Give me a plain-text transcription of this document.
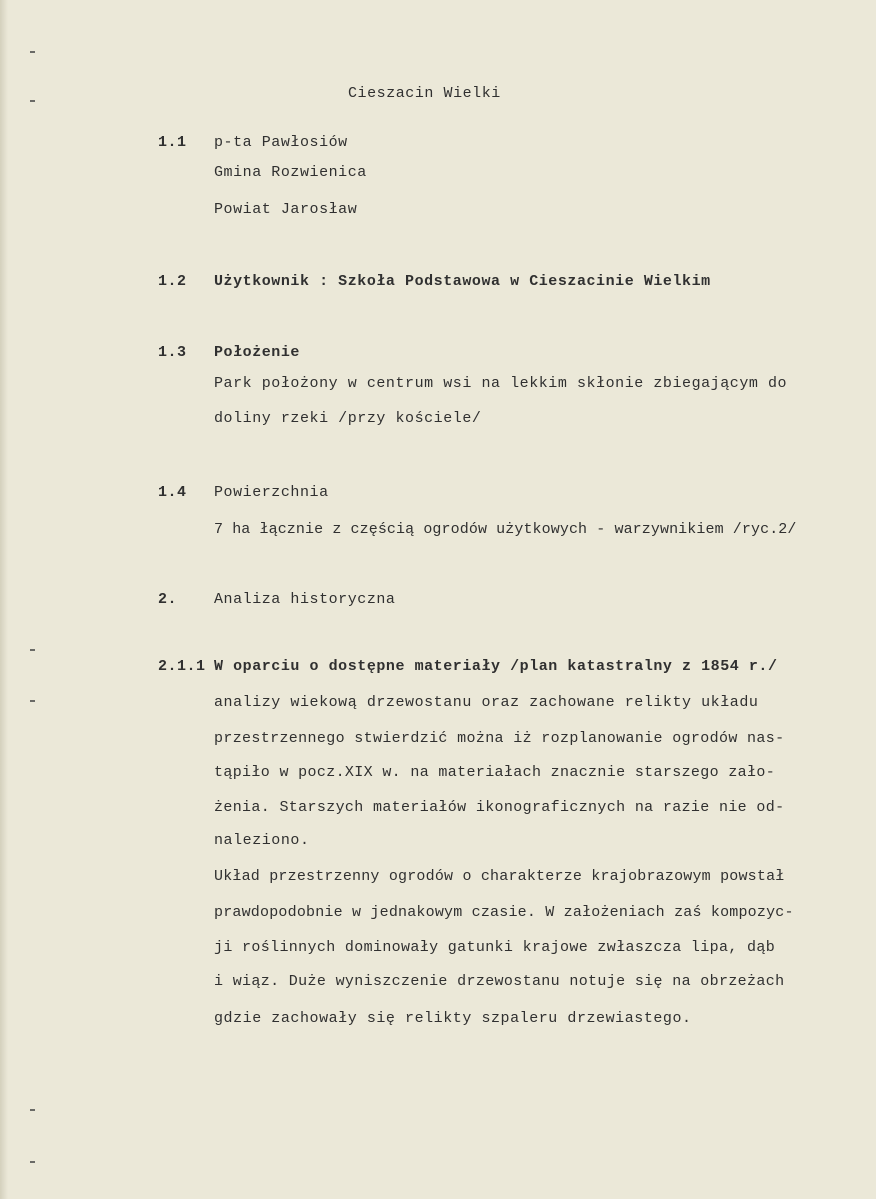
Cieszacin Wielki
1.1 p-ta Pawłosiów
Gmina Rozwienica
Powiat Jarosław
1.2 Użytkownik : Szkoła Podstawowa w Cieszacinie Wielkim
1.3 Położenie
Park położony w centrum wsi na lekkim skłonie zbiegającym do
doliny rzeki /przy kościele/
1.4 Powierzchnia
7 ha łącznie z częścią ogrodów użytkowych - warzywnikiem /ryc.2/
2. Analiza historyczna
2.1.1 W oparciu o dostępne materiały /plan katastralny z 1854 r./
analizy wiekową drzewostanu oraz zachowane relikty układu
przestrzennego stwierdzić można iż rozplanowanie ogrodów nas-
tąpiło w pocz.XIX w. na materiałach znacznie starszego zało-
żenia. Starszych materiałów ikonograficznych na razie nie od-
naleziono.
Układ przestrzenny ogrodów o charakterze krajobrazowym powstał
prawdopodobnie w jednakowym czasie. W założeniach zaś kompozyc-
ji roślinnych dominowały gatunki krajowe zwłaszcza lipa, dąb
i wiąz. Duże wyniszczenie drzewostanu notuje się na obrzeżach
gdzie zachowały się relikty szpaleru drzewiastego.
